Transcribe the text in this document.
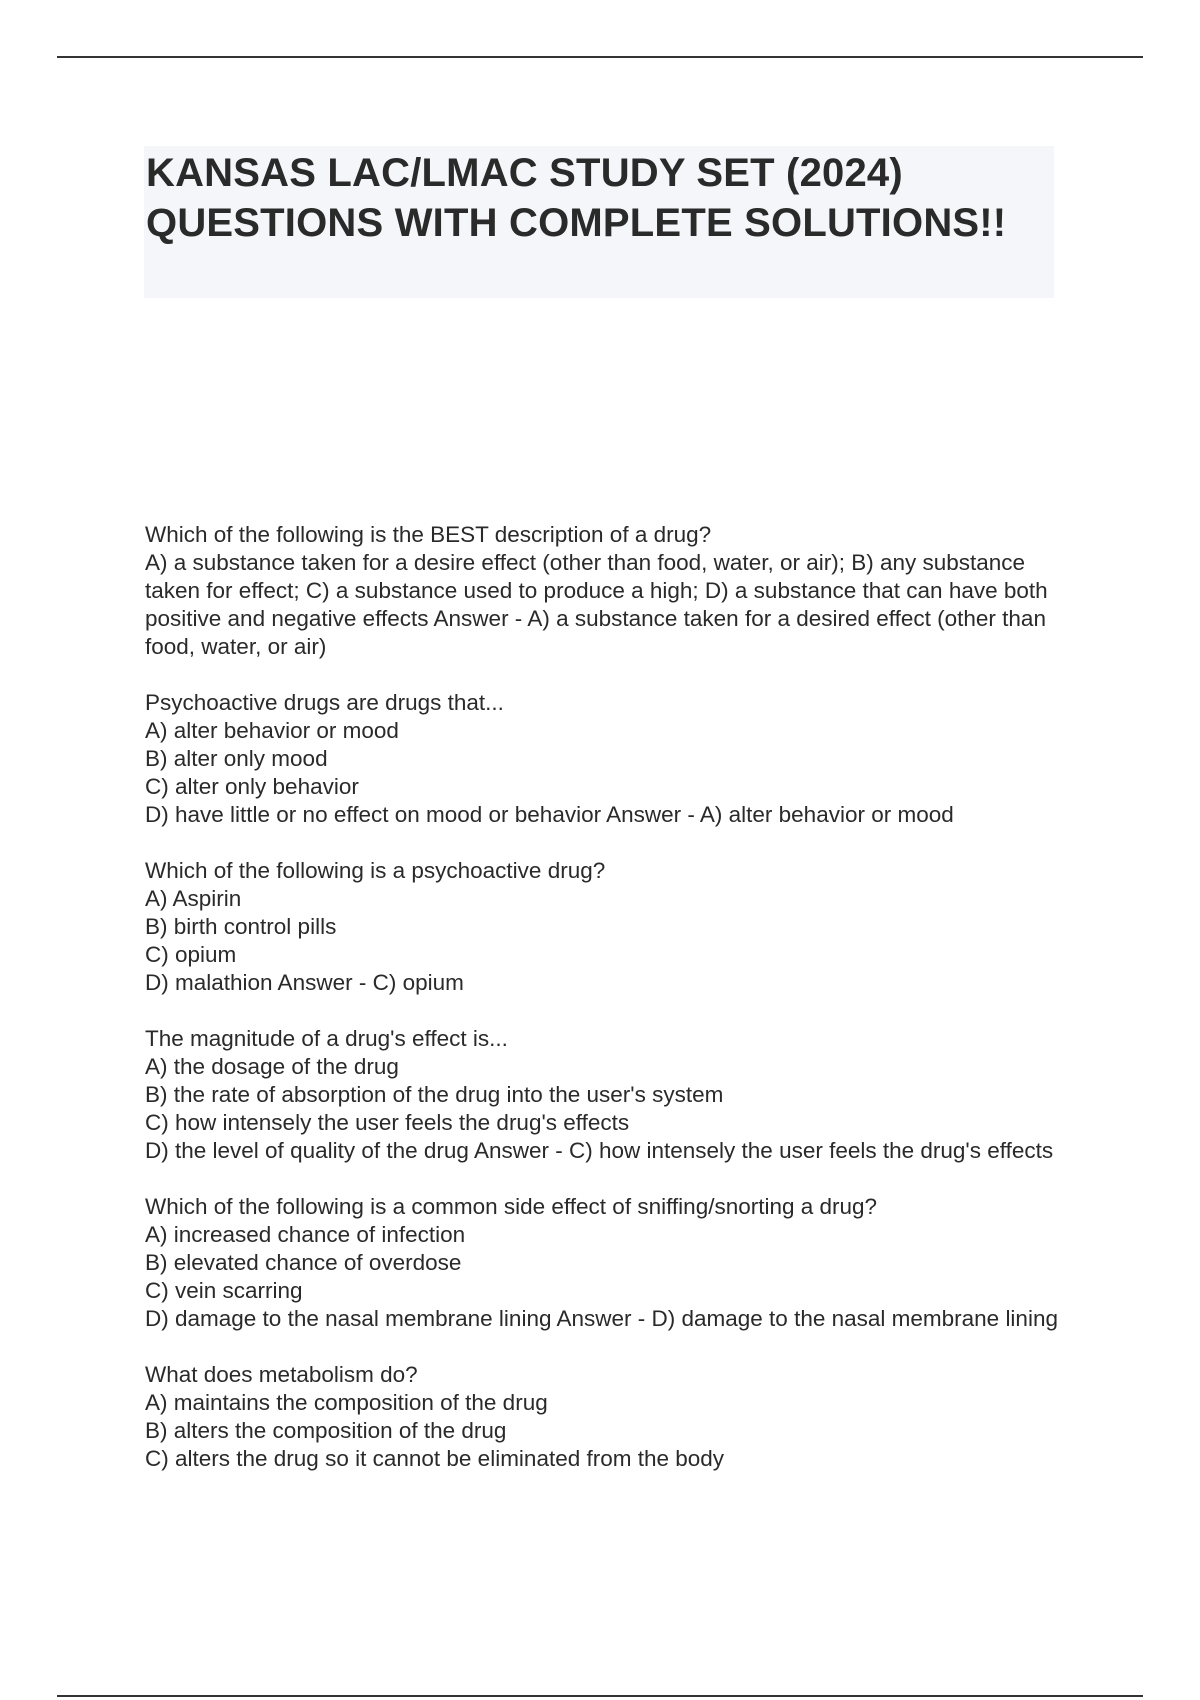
KANSAS LAC/LMAC STUDY SET (2024) QUESTIONS WITH COMPLETE SOLUTIONS!!
Which of the following is the BEST description of a drug?
A) a substance taken for a desire effect (other than food, water, or air); B) any substance taken for effect; C) a substance used to produce a high; D) a substance that can have both positive and negative effects Answer - A) a substance taken for a desired effect (other than food, water, or air)
Psychoactive drugs are drugs that...
A) alter behavior or mood
B) alter only mood
C) alter only behavior
D) have little or no effect on mood or behavior Answer - A) alter behavior or mood
Which of the following is a psychoactive drug?
A) Aspirin
B) birth control pills
C) opium
D) malathion Answer - C) opium
The magnitude of a drug's effect is...
A) the dosage of the drug
B) the rate of absorption of the drug into the user's system
C) how intensely the user feels the drug's effects
D) the level of quality of the drug Answer - C) how intensely the user feels the drug's effects
Which of the following is a common side effect of sniffing/snorting a drug?
A) increased chance of infection
B) elevated chance of overdose
C) vein scarring
D) damage to the nasal membrane lining Answer - D) damage to the nasal membrane lining
What does metabolism do?
A) maintains the composition of the drug
B) alters the composition of the drug
C) alters the drug so it cannot be eliminated from the body
